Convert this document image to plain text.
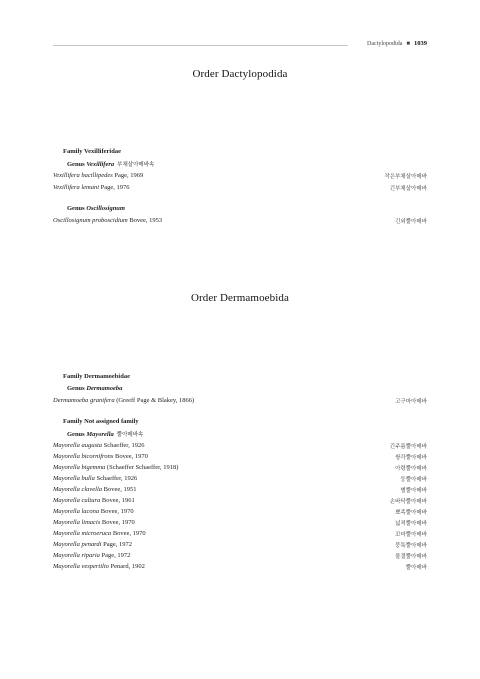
Dactylopodida ■ 1039
Order Dactylopodida
Family Vexilliferidae
Genus Vexillifera 부채살아메바속
Vexillifera bacillipedes Page, 1969	작은부채살아메바
Vexillifera lemani Page, 1976	긴부채살아메바
Genus Oscillosignum
Oscillosignum proboscidium Bovee, 1953	긴외뿔아메바
Order Dermamoebida
Family Dermamoebidae
Genus Dermamoeba
Dermamoeba granifera (Greeff Page & Blakey, 1866)	고구마아메바
Family Not assigned family
Genus Mayorella 뿔아메바속
Mayorella augusta Schaeffer, 1926	긴주름뿔아메바
Mayorella bicornifrons Bovee, 1970	쌍각뿔아메바
Mayorella bigemma (Schaeffer Schaeffer, 1918)	아령뿔아메바
Mayorella bulla Schaeffer, 1926	둥뿔아메바
Mayorella clavella Bovee, 1951	별뿔아메바
Mayorella cultura Bovee, 1961	손바닥뿔아메바
Mayorella lacona Bovee, 1970	뾰족뿔아메바
Mayorella limacis Bovee, 1970	넓적뿔아메바
Mayorella microeruca Bovee, 1970	꼬마뿔아메바
Mayorella penardi Page, 1972	뭉툭뿔아메바
Mayorella riparia Page, 1972	물결뿔아메바
Mayorella vespertilio Penard, 1902	뿔아메바
